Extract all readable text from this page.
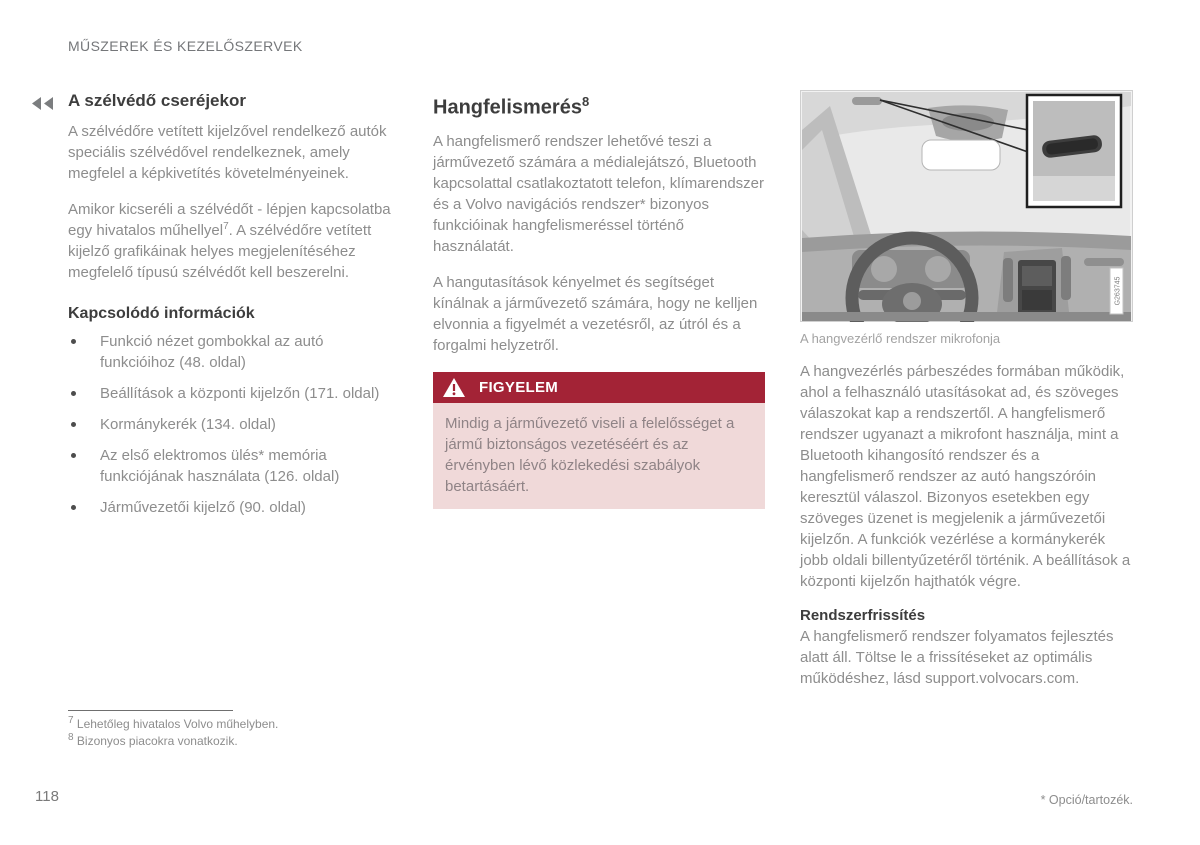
MŰSZEREK ÉS KEZELŐSZERVEK
A szélvédő cseréjekor

A szélvédőre vetített kijelzővel rendelkező autók speciális szélvédővel rendelkeznek, amely megfelel a képkivetítés követelményeinek.

Amikor kicseréli a szélvédőt - lépjen kapcsolatba egy hivatalos műhellyel$^7$. A szélvédőre vetített kijelző grafikáinak helyes megjelenítéséhez megfelelő típusú szélvédőt kell beszerelni.

Kapcsolódó információk
Funkció nézet gombokkal az autó funkcióihoz (48. oldal)
Beállítások a központi kijelzőn (171. oldal)
Kormánykerék (134. oldal)
Az első elektromos ülés* memória funkciójának használata (126. oldal)
Járművezetői kijelző (90. oldal)
Hangfelismerés$^8$

A hangfelismerő rendszer lehetővé teszi a járművezető számára a médialejátszó, Bluetooth kapcsolattal csatlakoztatott telefon, klímarendszer és a Volvo navigációs rendszer* bizonyos funkcióinak hangfelismeréssel történő használatát.

A hangutasítások kényelmet és segítséget kínálnak a járművezető számára, hogy ne kelljen elvonnia a figyelmét a vezetésről, az útról és a forgalmi helyzetről.

FIGYELEM
Mindig a járművezető viseli a felelősséget a jármű biztonságos vezetéséért és az érvényben lévő közlekedési szabályok betartásáért.
G263745
A hangvezérlő rendszer mikrofonja

A hangvezérlés párbeszédes formában működik, ahol a felhasználó utasításokat ad, és szöveges válaszokat kap a rendszertől. A hangfelismerő rendszer ugyanazt a mikrofont használja, mint a Bluetooth kihangosító rendszer és a hangfelismerő rendszer az autó hangszóróin keresztül válaszol. Bizonyos esetekben egy szöveges üzenet is megjelenik a járművezetői kijelzőn. A funkciók vezérlése a kormánykerék jobb oldali billentyűzetéről történik. A beállítások a központi kijelzőn hajthatók végre.

Rendszerfrissítés

A hangfelismerő rendszer folyamatos fejlesztés alatt áll. Töltse le a frissítéseket az optimális működéshez, lásd support.volvocars.com.

$^7$ Lehetőleg hivatalos Volvo műhelyben.
$^8$ Bizonyos piacokra vonatkozik.
118	* Opció/tartozék.
